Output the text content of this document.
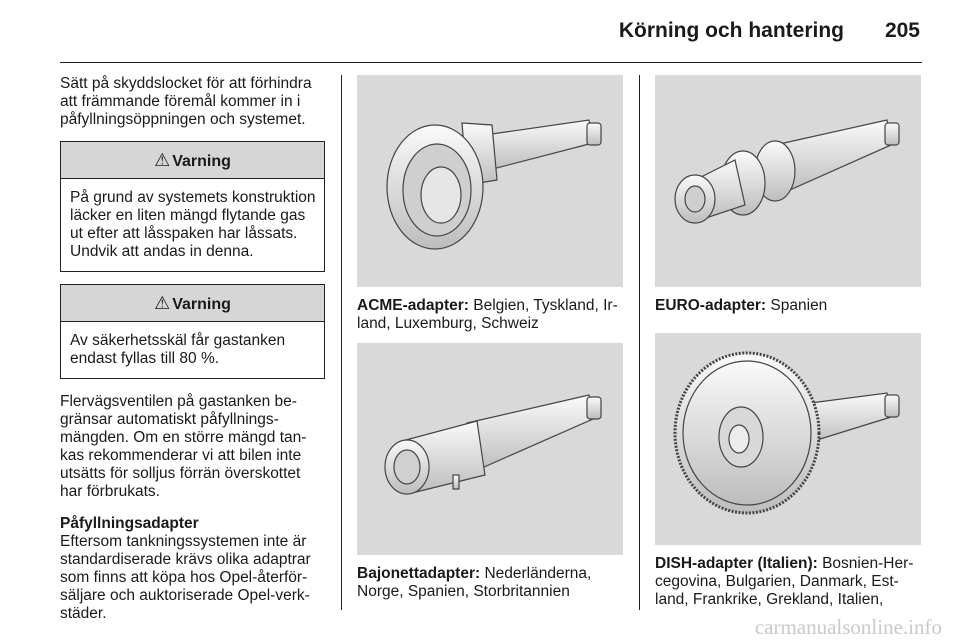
Körning och hantering 205

Sätt på skyddslocket för att förhindra att främmande föremål kommer in i påfyllningsöppningen och systemet.

⚠ Varning
På grund av systemets konstruktion läcker en liten mängd flytande gas ut efter att låsspaken har låssats. Undvik att andas in denna.
⚠ Varning
Av säkerhetsskäl får gastanken endast fyllas till 80 %.

Flervägsventilen på gastanken begränsar automatiskt påfyllningsmängden. Om en större mängd tankas rekommenderar vi att bilen inte utsätts för solljus förrän överskottet har förbrukats.

Påfyllningsadapter

Eftersom tankningssystemen inte är standardiserade krävs olika adaptrar som finns att köpa hos Opel-återförsäljare och auktoriserade Opel-verkstäder.

ACME-adapter: Belgien, Tyskland, Irland, Luxemburg, Schweiz

Bajonettadapter: Nederländerna, Norge, Spanien, Storbritannien

EURO-adapter: Spanien

DISH-adapter (Italien): Bosnien-Hercegovina, Bulgarien, Danmark, Estland, Frankrike, Grekland, Italien,

carmanualsonline.info
